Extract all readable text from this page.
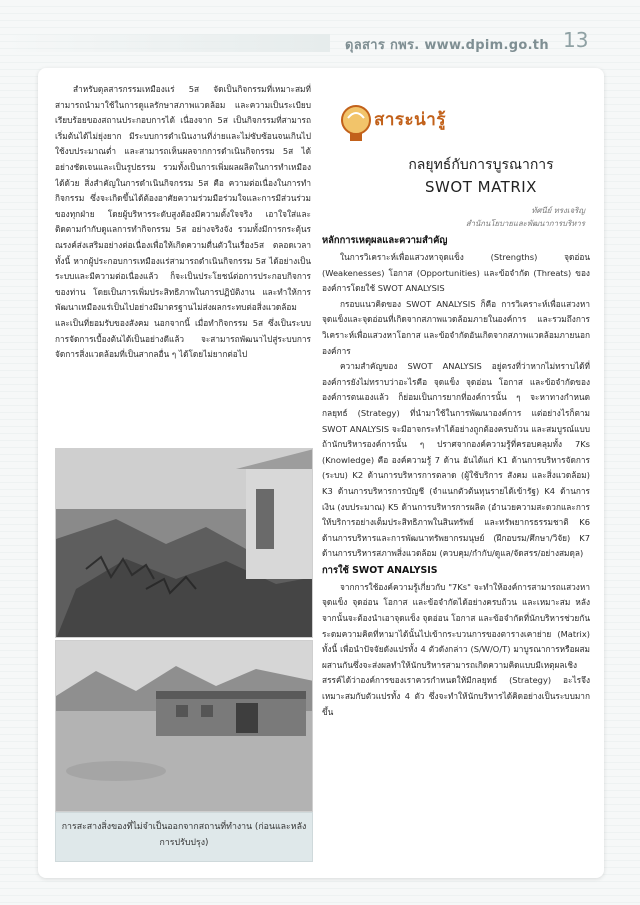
ดุลสาร กพร. www.dpim.go.th 13

สำหรับดุลสารกรรมเหมืองแร่ 5ส จัดเป็นกิจกรรมที่เหมาะสมที่สามารถนำมาใช้ในการดูแลรักษาสภาพแวดล้อม และความเป็นระเบียบเรียบร้อยของสถานประกอบการได้ เนื่องจาก 5ส เป็นกิจกรรมที่สามารถเริ่มต้นได้ไม่ยุ่งยาก มีระบบการดำเนินงานที่ง่ายและไม่ซับซ้อนจนเกินไป ใช้งบประมาณต่ำ และสามารถเห็นผลจากการดำเนินกิจกรรม 5ส ได้อย่างชัดเจนและเป็นรูปธรรม รวมทั้งเป็นการเพิ่มผลผลิตในการทำเหมืองได้ด้วย สิ่งสำคัญในการดำเนินกิจกรรม 5ส คือ ความต่อเนื่องในการทำกิจกรรม ซึ่งจะเกิดขึ้นได้ต้องอาศัยความร่วมมือร่วมใจและการมีส่วนร่วมของทุกฝ่าย โดยผู้บริหารระดับสูงต้องมีความตั้งใจจริง เอาใจใส่และติดตามกำกับดูแลการทำกิจกรรม 5ส อย่างจริงจัง รวมทั้งมีการกระตุ้นรณรงค์ส่งเสริมอย่างต่อเนื่องเพื่อให้เกิดความตื่นตัวในเรื่อง5ส ตลอดเวลา ทั้งนี้ หากผู้ประกอบการเหมืองแร่สามารถดำเนินกิจกรรม 5ส ได้อย่างเป็นระบบและมีความต่อเนื่องแล้ว ก็จะเป็นประโยชน์ต่อการประกอบกิจการของท่าน โดยเป็นการเพิ่มประสิทธิภาพในการปฏิบัติงาน และทำให้การพัฒนาเหมืองแร่เป็นไปอย่างมีมาตรฐานไม่ส่งผลกระทบต่อสิ่งแวดล้อม และเป็นที่ยอมรับของสังคม นอกจากนี้ เมื่อทำกิจกรรม 5ส ซึ่งเป็นระบบการจัดการเบื้องต้นได้เป็นอย่างดีแล้ว จะสามารถพัฒนาไปสู่ระบบการจัดการสิ่งแวดล้อมที่เป็นสากลอื่น ๆ ได้โดยไม่ยากต่อไป

การสะสางสิ่งของที่ไม่จำเป็นออกจากสถานที่ทำงาน (ก่อนและหลังการปรับปรุง)
สาระน่ารู้
กลยุทธ์กับการบูรณาการ
SWOT MATRIX
ทัศนีย์ ทรงเจริญ
สำนักนโยบายและพัฒนาการบริหาร
หลักการเหตุผลและความสำคัญ

ในการวิเคราะห์เพื่อแสวงหาจุดแข็ง (Strengths) จุดอ่อน (Weakenesses) โอกาส (Opportunities) และข้อจำกัด (Threats) ขององค์การโดยใช้ SWOT ANALYSIS

กรอบแนวคิดของ SWOT ANALYSIS ก็คือ การวิเคราะห์เพื่อแสวงหาจุดแข็งและจุดอ่อนที่เกิดจากสภาพแวดล้อมภายในองค์การ และรวมถึงการวิเคราะห์เพื่อแสวงหาโอกาส และข้อจำกัดอันเกิดจากสภาพแวดล้อมภายนอกองค์การ

ความสำคัญของ SWOT ANALYSIS อยู่ตรงที่ว่าหากไม่ทราบได้ที่องค์การยังไม่ทราบว่าอะไรคือ จุดแข็ง จุดอ่อน โอกาส และข้อจำกัดขององค์การตนเองแล้ว ก็ย่อมเป็นการยากที่องค์การนั้น ๆ จะหาทางกำหนดกลยุทธ์ (Strategy) ที่นำมาใช้ในการพัฒนาองค์การ แต่อย่างไรก็ตาม SWOT ANALYSIS จะมีอาจกระทำได้อย่างถูกต้องครบถ้วน และสมบูรณ์แบบ ถ้านักบริหารองค์การนั้น ๆ ปราศจากองค์ความรู้ที่ครอบคลุมทั้ง 7Ks (Knowledge) คือ องค์ความรู้ 7 ด้าน อันได้แก่ K1 ด้านการบริหารจัดการ (ระบบ) K2 ด้านการบริหารการตลาด (ผู้ใช้บริการ สังคม และสิ่งแวดล้อม) K3 ด้านการบริหารการบัญชี (จำแนกตัวต้นทุนรายได้เข้ารัฐ) K4 ด้านการเงิน (งบประมาณ) K5 ด้านการบริหารการผลิต (อำนวยความสะดวกและการให้บริการอย่างเต็มประสิทธิภาพในสินทรัพย์ และทรัพยากรธรรมชาติ K6 ด้านการบริหารและการพัฒนาทรัพยากรมนุษย์ (ฝึกอบรม/ศึกษา/วิจัย) K7 ด้านการบริหารสภาพสิ่งแวดล้อม (ควบคุม/กำกับ/ดูแล/จัดสรร/อย่างสมดุล)

การใช้ SWOT ANALYSIS

จากการใช้องค์ความรู้เกี่ยวกับ "7Ks" จะทำให้องค์การสามารถแสวงหาจุดแข็ง จุดอ่อน โอกาส และข้อจำกัดได้อย่างครบถ้วน และเหมาะสม หลังจากนั้นจะต้องนำเอาจุดแข็ง จุดอ่อน โอกาส และข้อจำกัดที่นักบริหารช่วยกันระดมความคิดที่หามาได้นั้นไปเข้ากระบวนการของตารางเคาย่าย (Matrix) ทั้งนี้ เพื่อนำปัจจัยดังแปรทั้ง 4 ตัวดังกล่าว (S/W/O/T) มาบูรณาการหรือผสมผสานกันซึ่งจะส่งผลทำให้นักบริหารสามารถเกิดความคิดแบบมีเหตุผลเชิงสรรค์ได้ว่าองค์การของเราควรกำหนดให้มีกลยุทธ์ (Strategy) อะไรจึงเหมาะสมกับตัวแปรทั้ง 4 ตัว ซึ่งจะทำให้นักบริหารได้คิดอย่างเป็นระบบมากขึ้น
